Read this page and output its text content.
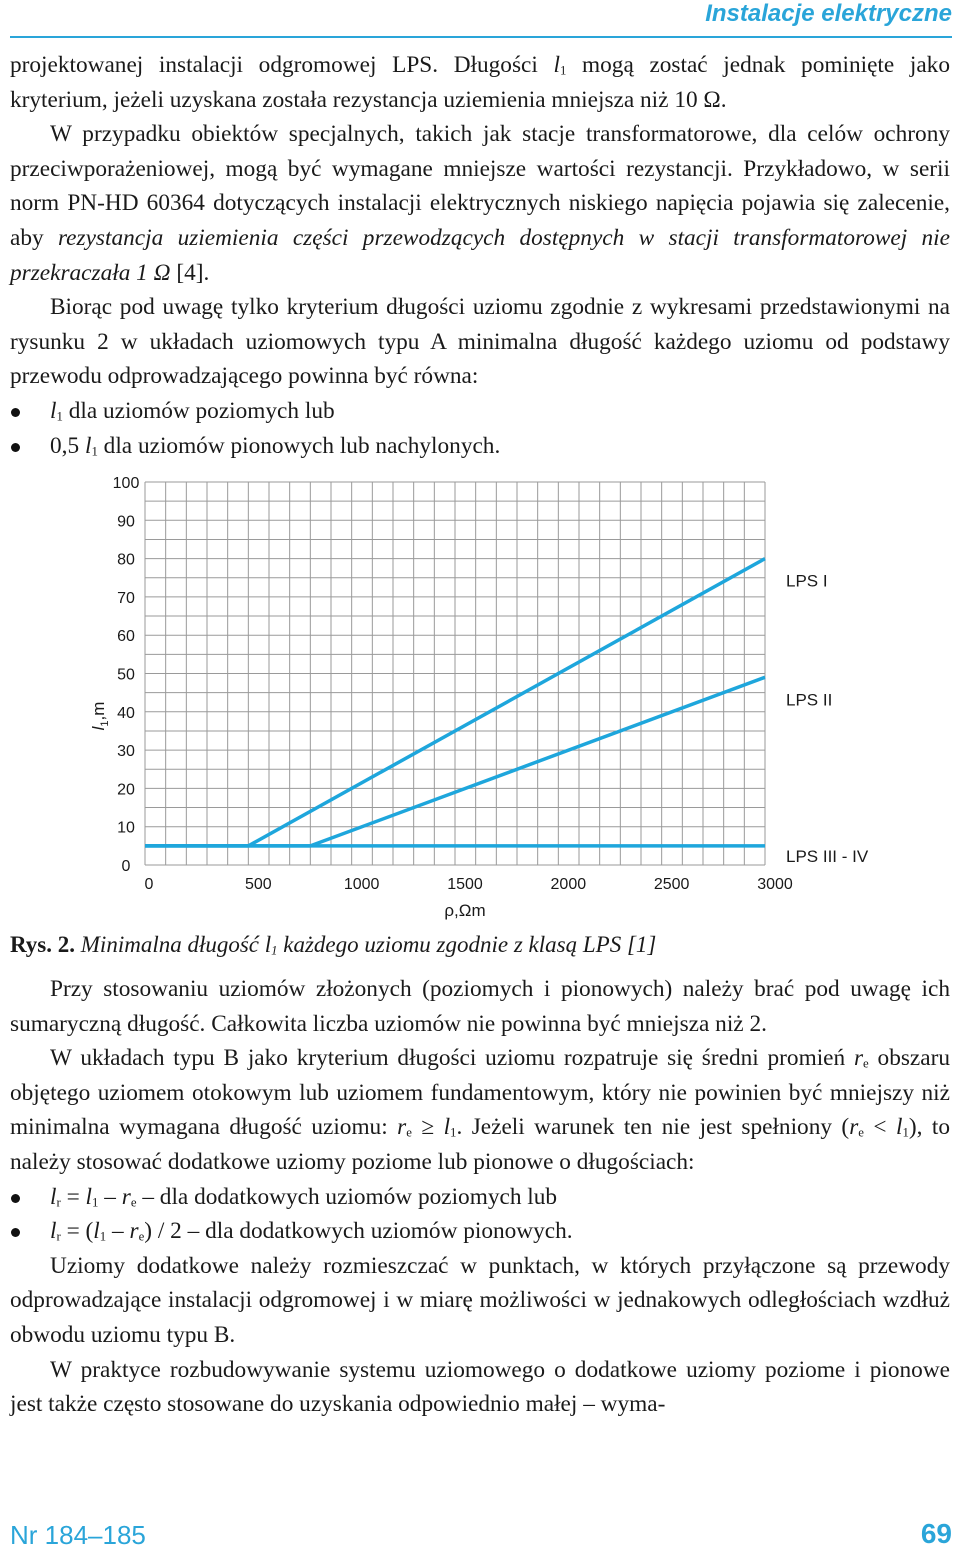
Instalacje elektryczne

projektowanej instalacji odgromowej LPS. Długości $l_1$ mogą zostać jednak pominięte jako kryterium, jeżeli uzyskana została rezystancja uziemienia mniejsza niż 10 Ω.

W przypadku obiektów specjalnych, takich jak stacje transformatorowe, dla celów ochrony przeciwporażeniowej, mogą być wymagane mniejsze wartości rezystancji. Przykładowo, w serii norm PN-HD 60364 dotyczących instalacji elektrycznych niskiego napięcia pojawia się zalecenie, aby rezystancja uziemienia części przewodzących dostępnych w stacji transformatorowej nie przekraczała 1 Ω [4].

Biorąc pod uwagę tylko kryterium długości uziomu zgodnie z wykresami przedstawionymi na rysunku 2 w układach uziomowych typu A minimalna długość każdego uziomu od podstawy przewodu odprowadzającego powinna być równa:

$l_1$ dla uziomów poziomych lub

0,5 $l_1$ dla uziomów pionowych lub nachylonych.

0
10
20
30
40
50
60
70
80
90
100
0	500	1000	1500	2000	2500	3000
LPS I
LPS II
LPS III - IV
$l_1,m$
ρ,Ωm
Rys. 2. Minimalna długość $l_1$ każdego uziomu zgodnie z klasą LPS [1]

Przy stosowaniu uziomów złożonych (poziomych i pionowych) należy brać pod uwagę ich sumaryczną długość. Całkowita liczba uziomów nie powinna być mniejsza niż 2.

W układach typu B jako kryterium długości uziomu rozpatruje się średni promień $r_e$ obszaru objętego uziomem otokowym lub uziomem fundamentowym, który nie powinien być mniejszy niż minimalna wymagana długość uziomu: $r_e \ge l_1$. Jeżeli warunek ten nie jest spełniony $(r_e < l_1)$, to należy stosować dodatkowe uziomy poziome lub pionowe o długościach:

$l_r = l_1 - r_e$ – dla dodatkowych uziomów poziomych lub

$l_r = (l_1 - r_e) / 2$ – dla dodatkowych uziomów pionowych.

Uziomy dodatkowe należy rozmieszczać w punktach, w których przyłączone są przewody odprowadzające instalacji odgromowej i w miarę możliwości w jednakowych odległościach wzdłuż obwodu uziomu typu B.

W praktyce rozbudowywanie systemu uziomowego o dodatkowe uziomy poziome i pionowe jest także często stosowane do uzyskania odpowiednio małej – wyma-

Nr 184–185	69
